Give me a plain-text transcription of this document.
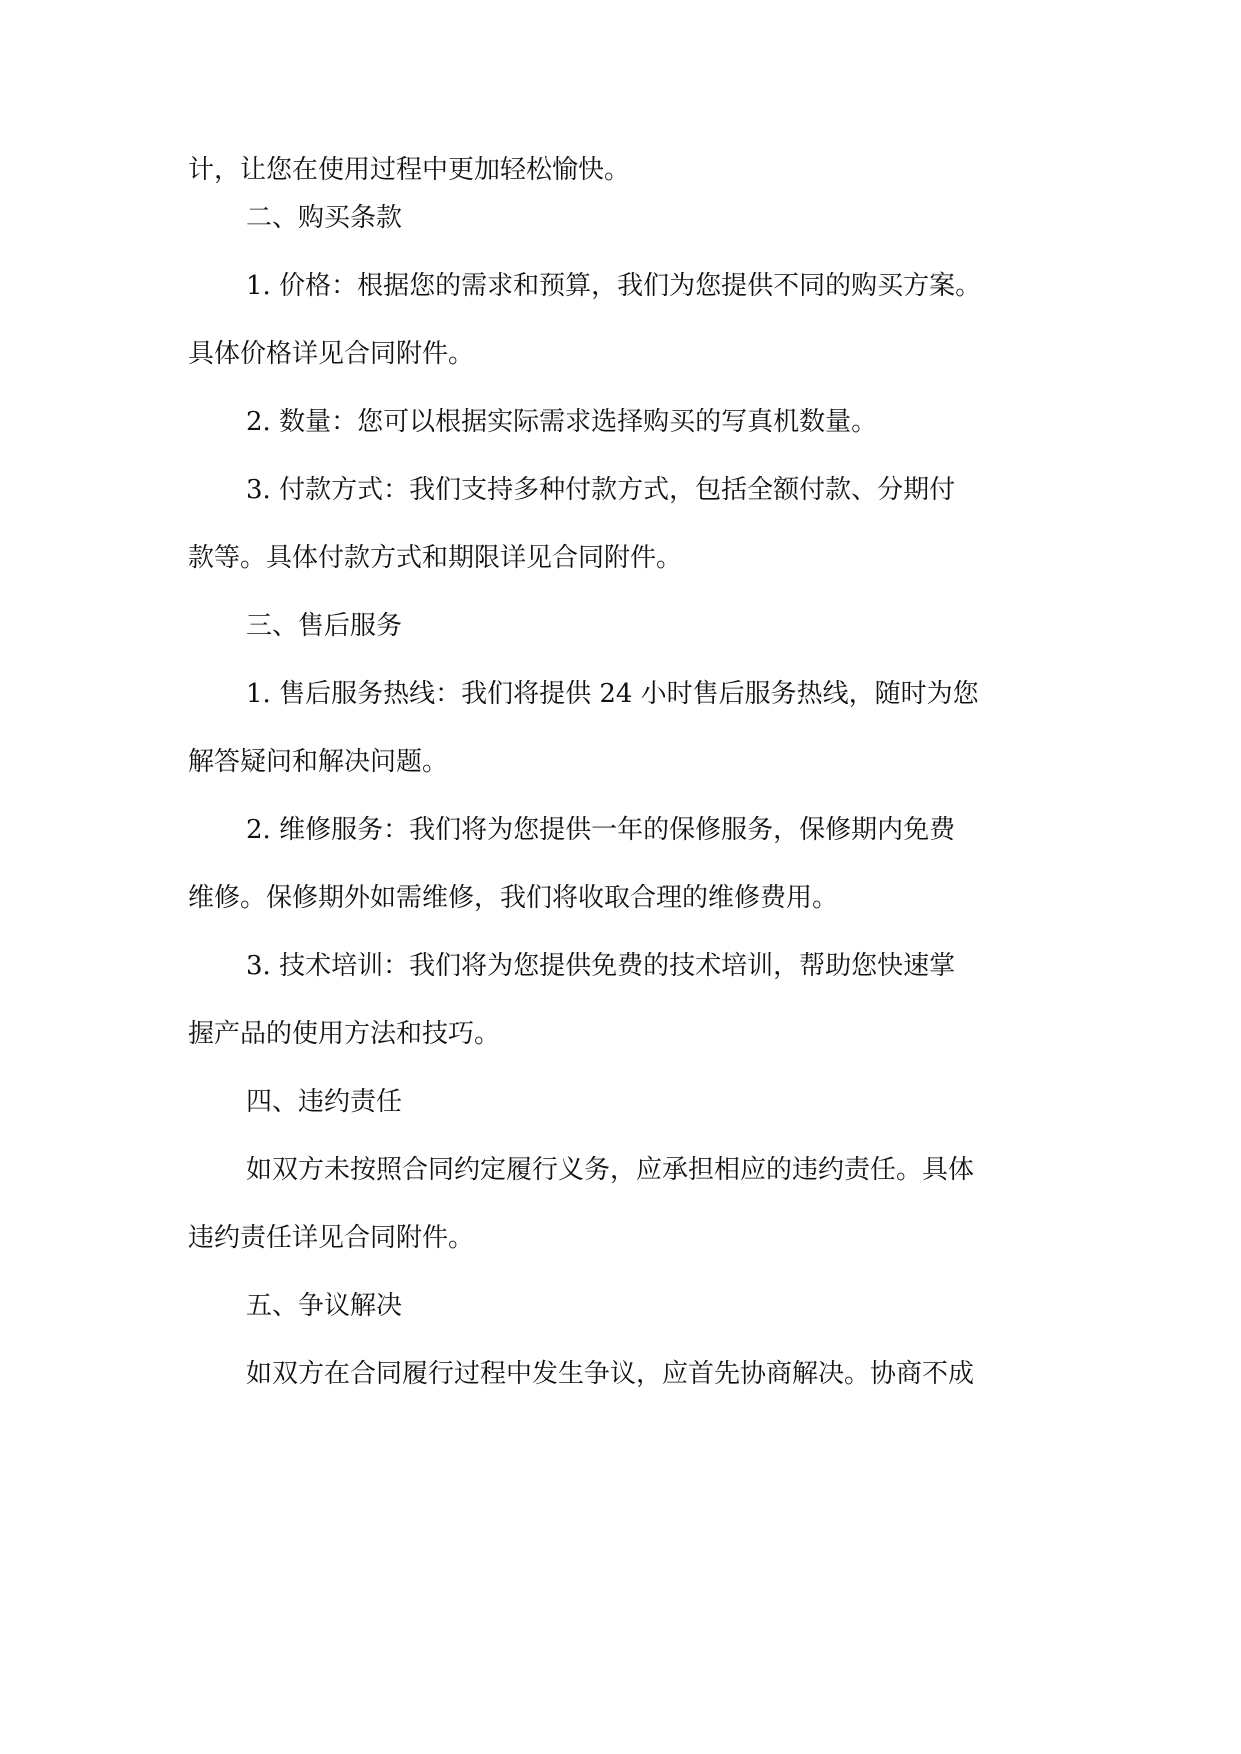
计，让您在使用过程中更加轻松愉快。
二、购买条款
1. 价格：根据您的需求和预算，我们为您提供不同的购买方案。
具体价格详见合同附件。
2. 数量：您可以根据实际需求选择购买的写真机数量。
3. 付款方式：我们支持多种付款方式，包括全额付款、分期付
款等。具体付款方式和期限详见合同附件。
三、售后服务
1. 售后服务热线：我们将提供 24 小时售后服务热线，随时为您
解答疑问和解决问题。
2. 维修服务：我们将为您提供一年的保修服务，保修期内免费
维修。保修期外如需维修，我们将收取合理的维修费用。
3. 技术培训：我们将为您提供免费的技术培训，帮助您快速掌
握产品的使用方法和技巧。
四、违约责任
如双方未按照合同约定履行义务，应承担相应的违约责任。具体
违约责任详见合同附件。
五、争议解决
如双方在合同履行过程中发生争议，应首先协商解决。协商不成
